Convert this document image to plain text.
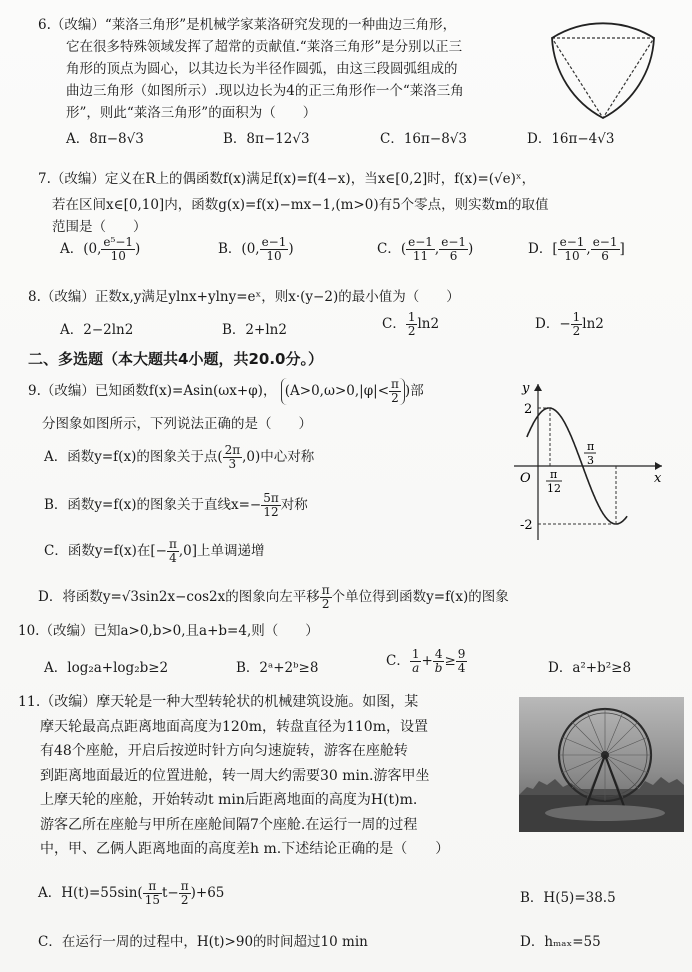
6.（改编）“莱洛三角形”是机械学家莱洛研究发现的一种曲边三角形，
它在很多特殊领域发挥了超常的贡献值.“莱洛三角形”是分别以正三
角形的顶点为圆心，以其边长为半径作圆弧，由这三段圆弧组成的
曲边三角形（如图所示）.现以边长为4的正三角形作一个“莱洛三角
形”，则此“莱洛三角形”的面积为（　　）
A．8π−8√3	B．8π−12√3	C．16π−8√3	D．16π−4√3
7.（改编）定义在R上的偶函数f(x)满足f(x)=f(4−x)，当x∈[0,2]时，f(x)=(√e)ˣ，
若在区间x∈[0,10]内，函数g(x)=f(x)−mx−1,(m>0)有5个零点，则实数m的取值
范围是（　　）
A．(0, $\frac{\text{e⁵−1}}{10}$ )	B．(0, $\frac{e-1}{10}$ )	C．( $\frac{e-1}{11}$ , $\frac{e-1}{6}$ )	D．[ $\frac{e-1}{10}$ , $\frac{e-1}{6}$ ]
8.（改编）正数x,y满足ylnx+ylny=eˣ，则x·(y−2)的最小值为（　　）
A．2−2ln2	B．2+ln2	C． $\frac{1}{2} \ln 2$	D．− $\frac{1}{2} \ln 2$
二、多选题（本大题共4小题，共20.0分。）
9.（改编）已知函数f(x)=Asin(ωx+φ)， ($A>0,\omega>0,|\varphi|< \frac{\pi}{2}$ )部
分图象如图所示，下列说法正确的是（　　）
A．函数y=f(x)的图象关于点( $\frac{2\pi}{3} ,0$)中心对称
B．函数y=f(x)的图象关于直线$x=- \frac{5\pi}{12}$ 对称
C．函数y=f(x)在[− $\frac{\pi}{4} ,0$]上单调递增
D．将函数y=√3sin2x−cos2x的图象向左平移 $\frac{\pi}{2}$ 个单位得到函数y=f(x)的图象
y
x
O
2
-2
π
12
π
3
10.（改编）已知a>0,b>0,且a+b=4,则（　　）
A．log₂a+log₂b≥2	B．2ᵃ+2ᵇ≥8	C． $\frac{1}{a} + \frac{4}{b} \ge \frac{9}{4}$	D．a²+b²≥8
11.（改编）摩天轮是一种大型转轮状的机械建筑设施。如图，某
摩天轮最高点距离地面高度为120m，转盘直径为110m，设置
有48个座舱，开启后按逆时针方向匀速旋转，游客在座舱转
到距离地面最近的位置进舱，转一周大约需要30 min.游客甲坐
上摩天轮的座舱，开始转动t min后距离地面的高度为H(t)m.
游客乙所在座舱与甲所在座舱间隔7个座舱.在运行一周的过程
中，甲、乙俩人距离地面的高度差h m.下述结论正确的是（　　）
A．$H(t)=55\sin( \frac{\pi}{15} t- \frac{\pi}{2} )+65$	B．H(5)=38.5
C．在运行一周的过程中，H(t)>90的时间超过10 min	D．hₘₐₓ=55
